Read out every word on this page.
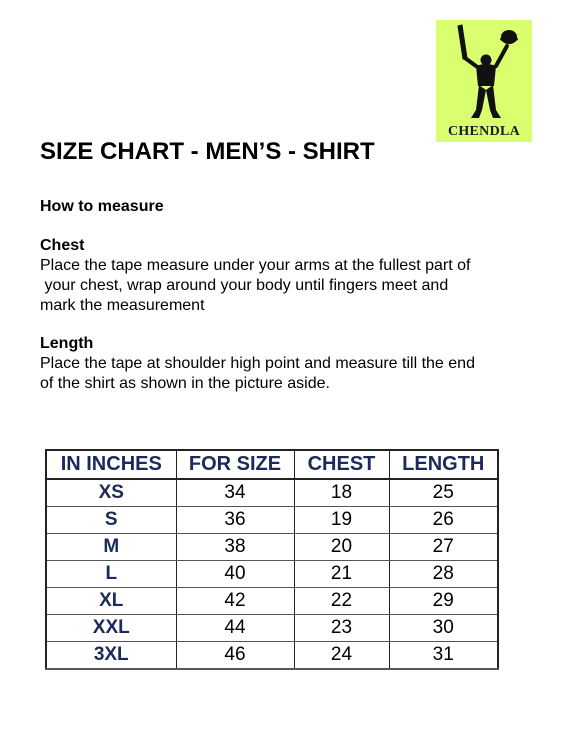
CHENDLA
SIZE CHART - MEN’S - SHIRT
How to measure
Chest

Place the tape measure under your arms at the fullest part of
your chest, wrap around your body until fingers meet and
mark the measurement

Length

Place the tape at shoulder high point and measure till the end
of the shirt as shown in the picture aside.

IN INCHES	FOR SIZE	CHEST	LENGTH
XS	34	18	25
S	36	19	26
M	38	20	27
L	40	21	28
XL	42	22	29
XXL	44	23	30
3XL	46	24	31
